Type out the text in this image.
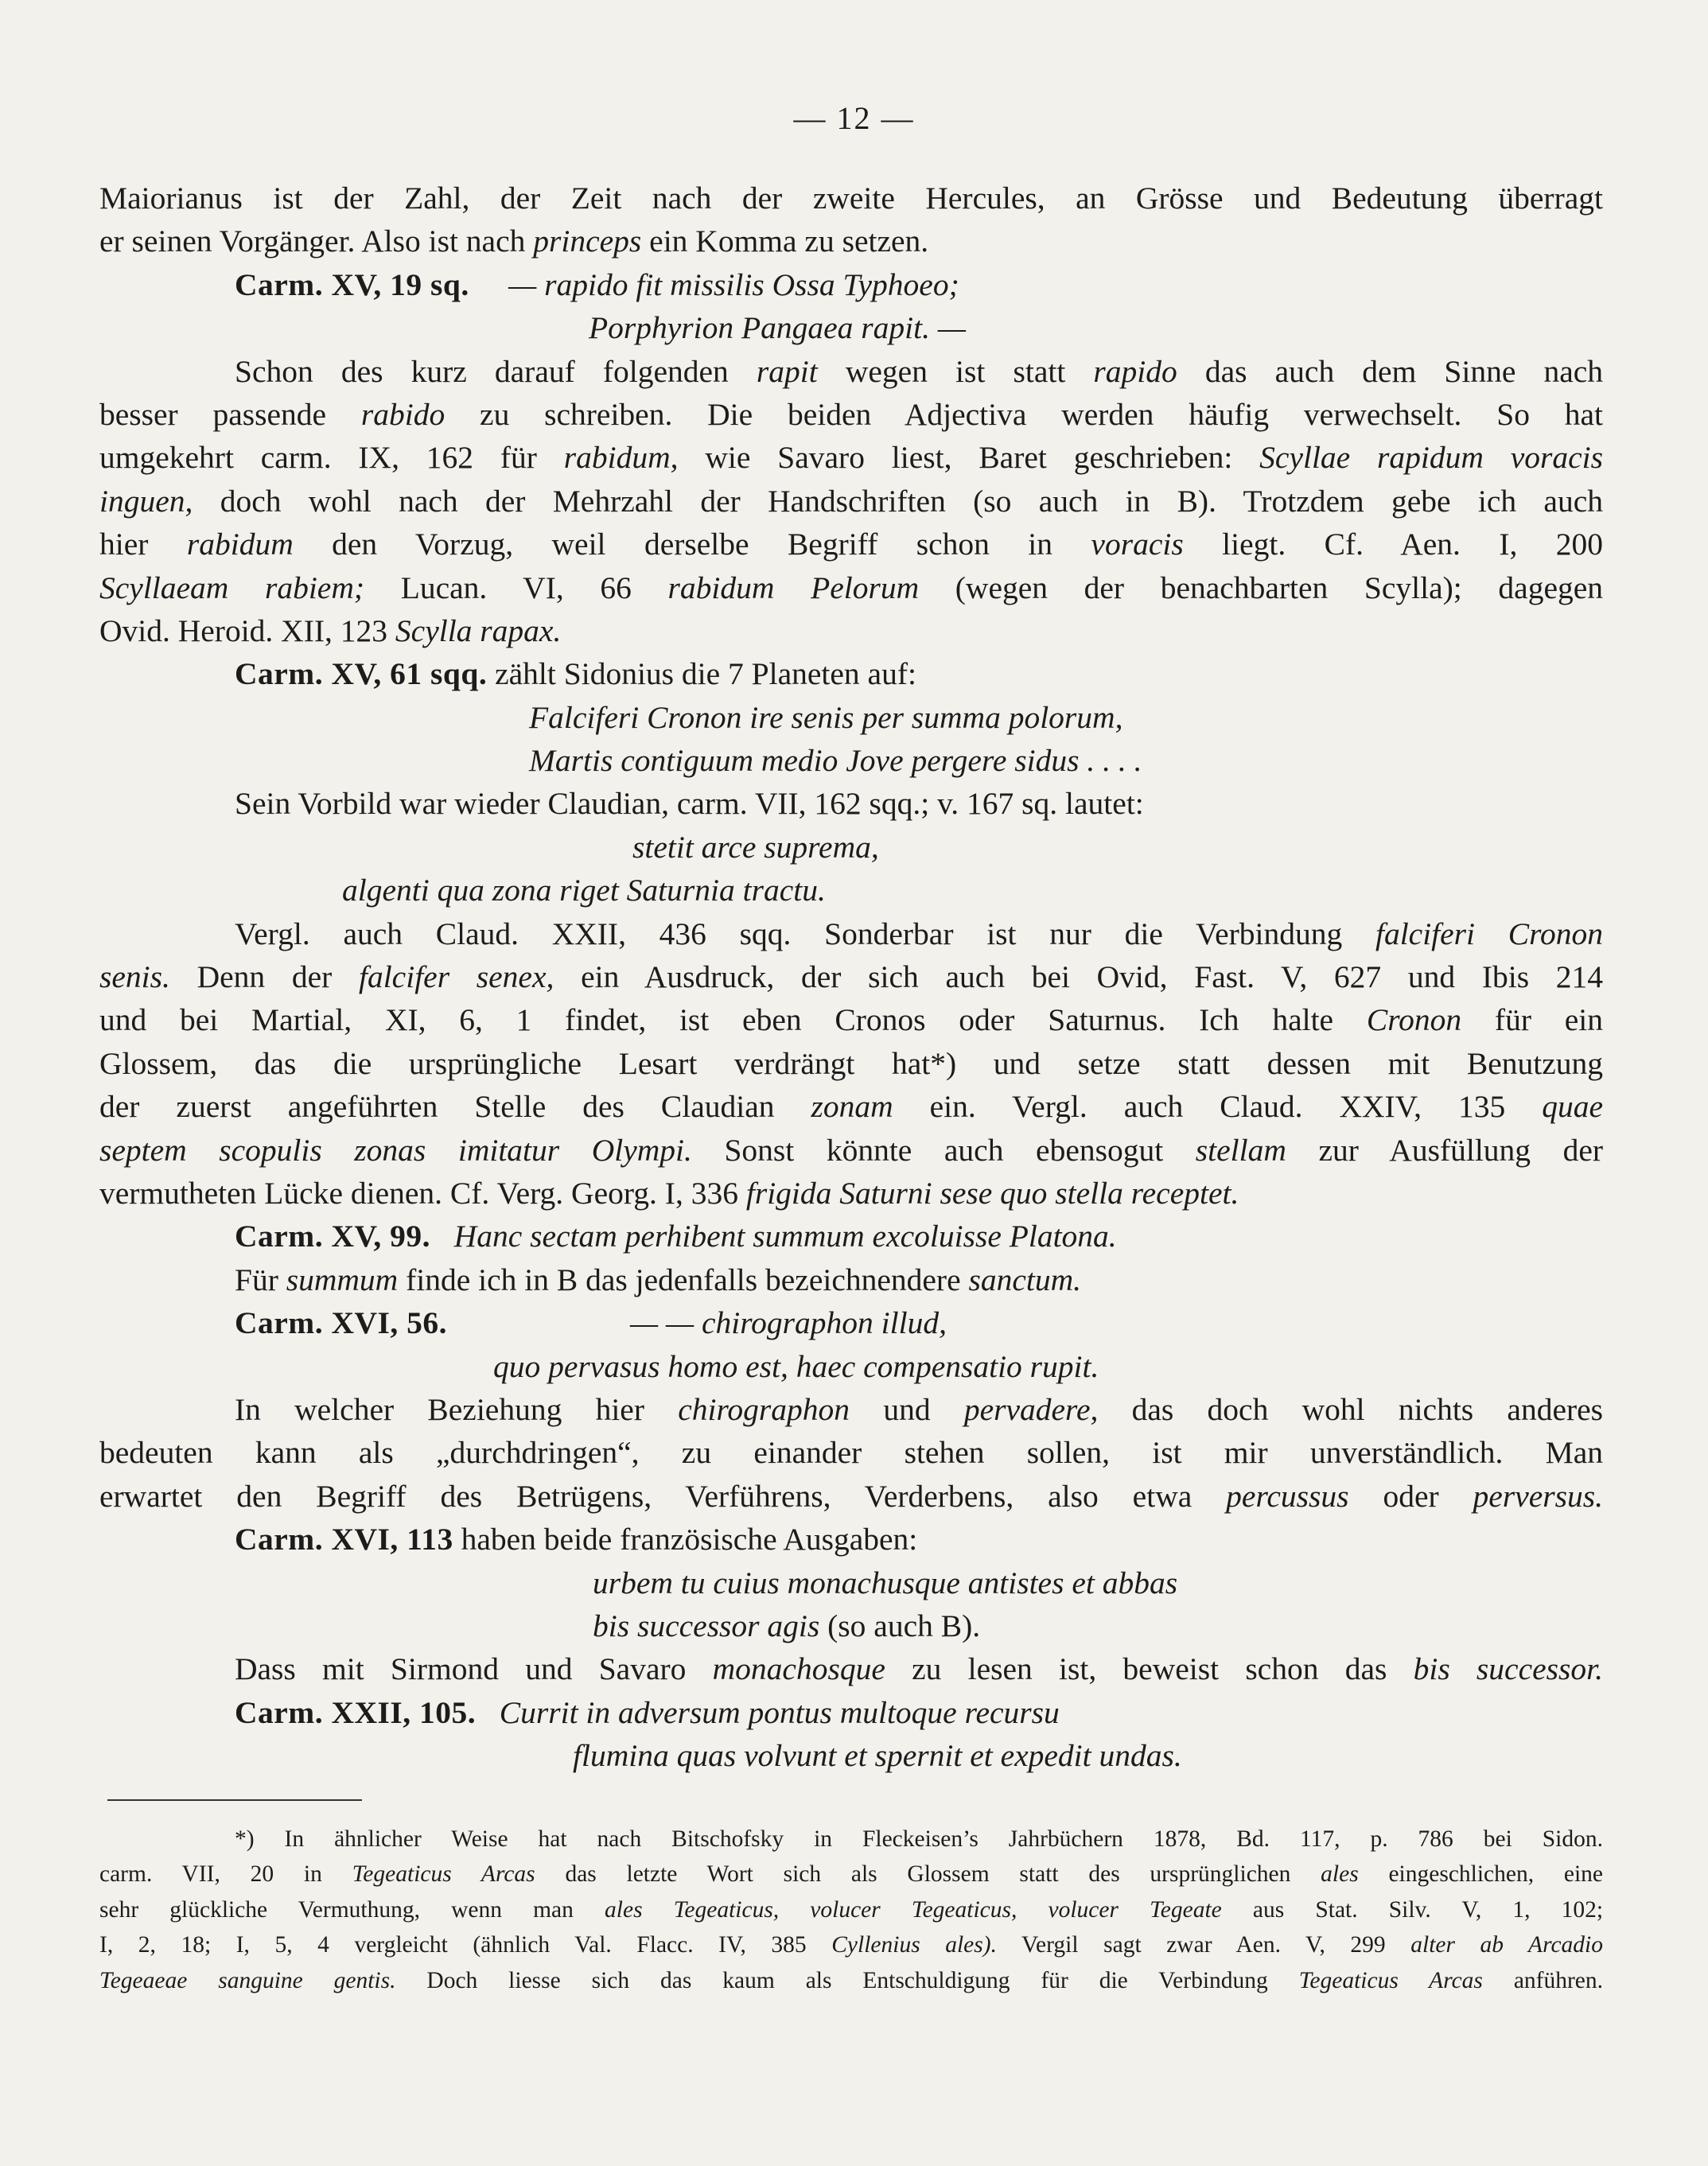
— 12 —
Maiorianus ist der Zahl, der Zeit nach der zweite Hercules, an Grösse und Bedeutung überragt
er seinen Vorgänger. Also ist nach princeps ein Komma zu setzen.
Carm. XV, 19 sq. — rapido fit missilis Ossa Typhoeo;
Porphyrion Pangaea rapit. —
Schon des kurz darauf folgenden rapit wegen ist statt rapido das auch dem Sinne nach
besser passende rabido zu schreiben. Die beiden Adjectiva werden häufig verwechselt. So hat
umgekehrt carm. IX, 162 für rabidum, wie Savaro liest, Baret geschrieben: Scyllae rapidum voracis
inguen, doch wohl nach der Mehrzahl der Handschriften (so auch in B). Trotzdem gebe ich auch
hier rabidum den Vorzug, weil derselbe Begriff schon in voracis liegt. Cf. Aen. I, 200
Scyllaeam rabiem; Lucan. VI, 66 rabidum Pelorum (wegen der benachbarten Scylla); dagegen
Ovid. Heroid. XII, 123 Scylla rapax.
Carm. XV, 61 sqq. zählt Sidonius die 7 Planeten auf:
Falciferi Cronon ire senis per summa polorum,
Martis contiguum medio Jove pergere sidus . . . .
Sein Vorbild war wieder Claudian, carm. VII, 162 sqq.; v. 167 sq. lautet:
stetit arce suprema,
algenti qua zona riget Saturnia tractu.
Vergl. auch Claud. XXII, 436 sqq. Sonderbar ist nur die Verbindung falciferi Cronon
senis. Denn der falcifer senex, ein Ausdruck, der sich auch bei Ovid, Fast. V, 627 und Ibis 214
und bei Martial, XI, 6, 1 findet, ist eben Cronos oder Saturnus. Ich halte Cronon für ein
Glossem, das die ursprüngliche Lesart verdrängt hat*) und setze statt dessen mit Benutzung
der zuerst angeführten Stelle des Claudian zonam ein. Vergl. auch Claud. XXIV, 135 quae
septem scopulis zonas imitatur Olympi. Sonst könnte auch ebensogut stellam zur Ausfüllung der
vermutheten Lücke dienen. Cf. Verg. Georg. I, 336 frigida Saturni sese quo stella receptet.
Carm. XV, 99. Hanc sectam perhibent summum excoluisse Platona.
Für summum finde ich in B das jedenfalls bezeichnendere sanctum.
Carm. XVI, 56.	— — chirographon illud,
quo pervasus homo est, haec compensatio rupit.
In welcher Beziehung hier chirographon und pervadere, das doch wohl nichts anderes
bedeuten kann als „durchdringen“, zu einander stehen sollen, ist mir unverständlich. Man
erwartet den Begriff des Betrügens, Verführens, Verderbens, also etwa percussus oder perversus.
Carm. XVI, 113 haben beide französische Ausgaben:
urbem tu cuius monachusque antistes et abbas
bis successor agis (so auch B).
Dass mit Sirmond und Savaro monachosque zu lesen ist, beweist schon das bis successor.
Carm. XXII, 105. Currit in adversum pontus multoque recursu
flumina quas volvunt et spernit et expedit undas.
*) In ähnlicher Weise hat nach Bitschofsky in Fleckeisen’s Jahrbüchern 1878, Bd. 117, p. 786 bei Sidon.
carm. VII, 20 in Tegeaticus Arcas das letzte Wort sich als Glossem statt des ursprünglichen ales eingeschlichen, eine
sehr glückliche Vermuthung, wenn man ales Tegeaticus, volucer Tegeaticus, volucer Tegeate aus Stat. Silv. V, 1, 102;
I, 2, 18; I, 5, 4 vergleicht (ähnlich Val. Flacc. IV, 385 Cyllenius ales). Vergil sagt zwar Aen. V, 299 alter ab Arcadio
Tegeaeae sanguine gentis. Doch liesse sich das kaum als Entschuldigung für die Verbindung Tegeaticus Arcas anführen.
